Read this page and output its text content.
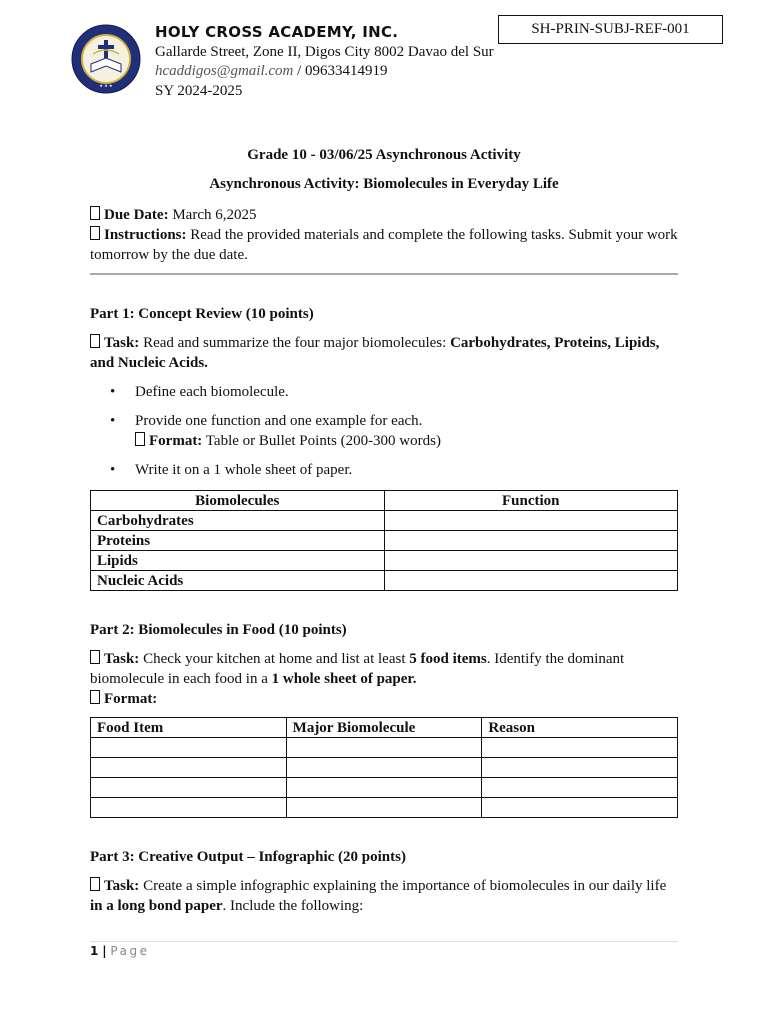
★ ★ ★
HOLY CROSS ACADEMY, INC.
Gallarde Street, Zone II, Digos City 8002 Davao del Sur
hcaddigos@gmail.com / 09633414919
SY 2024-2025
SH-PRIN-SUBJ-REF-001
Grade 10 - 03/06/25 Asynchronous Activity
Asynchronous Activity: Biomolecules in Everyday Life
Due Date: March 6,2025
Instructions: Read the provided materials and complete the following tasks. Submit your work tomorrow by the due date.
Part 1: Concept Review (10 points)
Task: Read and summarize the four major biomolecules: Carbohydrates, Proteins, Lipids, and Nucleic Acids.
• Define each biomolecule.
• Provide one function and one example for each.
• Write it on a 1 whole sheet of paper.
Format: Table or Bullet Points (200-300 words)
Biomolecules	Function
Carbohydrates	
Proteins	
Lipids	
Nucleic Acids	
Part 2: Biomolecules in Food (10 points)
Task: Check your kitchen at home and list at least 5 food items. Identify the dominant biomolecule in each food in a 1 whole sheet of paper.
Format:
Food Item	Major Biomolecule	Reason

Part 3: Creative Output – Infographic (20 points)
Task: Create a simple infographic explaining the importance of biomolecules in our daily life in a long bond paper. Include the following:
1 | Page
